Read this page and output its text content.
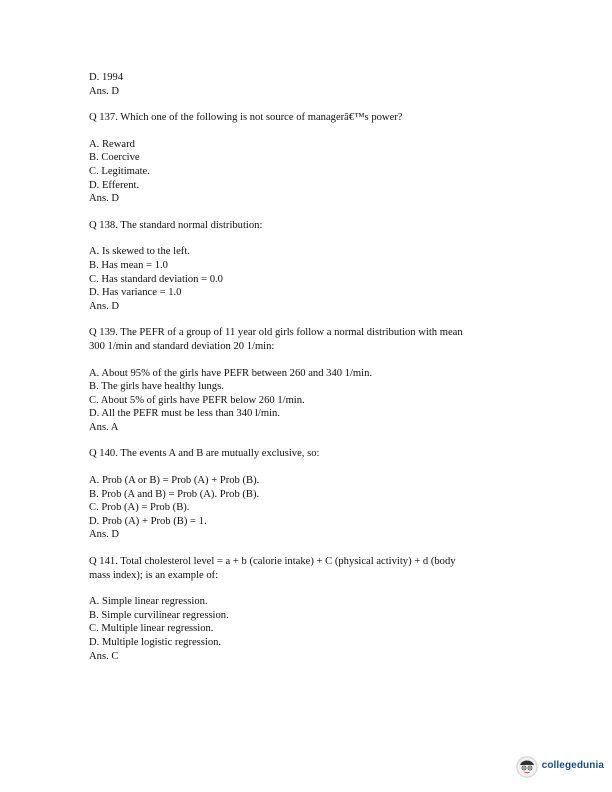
D. 1994

Ans. D

Q 137. Which one of the following is not source of managerâ€™s power?

A. Reward

B. Coercive

C. Legitimate.

D. Efferent.

Ans. D

Q 138. The standard normal distribution:

A. Is skewed to the left.

B. Has mean = 1.0

C. Has standard deviation = 0.0

D. Has variance = 1.0

Ans. D

Q 139. The PEFR of a group of 11 year old girls follow a normal distribution with mean

300 1/min and standard deviation 20 1/min:

A. About 95% of the girls have PEFR between 260 and 340 1/min.

B. The girls have healthy lungs.

C. About 5% of girls have PEFR below 260 1/min.

D. All the PEFR must be less than 340 l/min.

Ans. A

Q 140. The events A and B are mutually exclusive, so:

A. Prob (A or B) = Prob (A) + Prob (B).

B. Prob (A and B) = Prob (A). Prob (B).

C. Prob (A) = Prob (B).

D. Prob (A) + Prob (B) = 1.

Ans. D

Q 141. Total cholesterol level = a + b (calorie intake) + C (physical activity) + d (body

mass index); is an example of:

A. Simple linear regression.

B. Simple curvilinear regression.

C. Multiple linear regression.

D. Multiple logistic regression.

Ans. C

collegedunia
